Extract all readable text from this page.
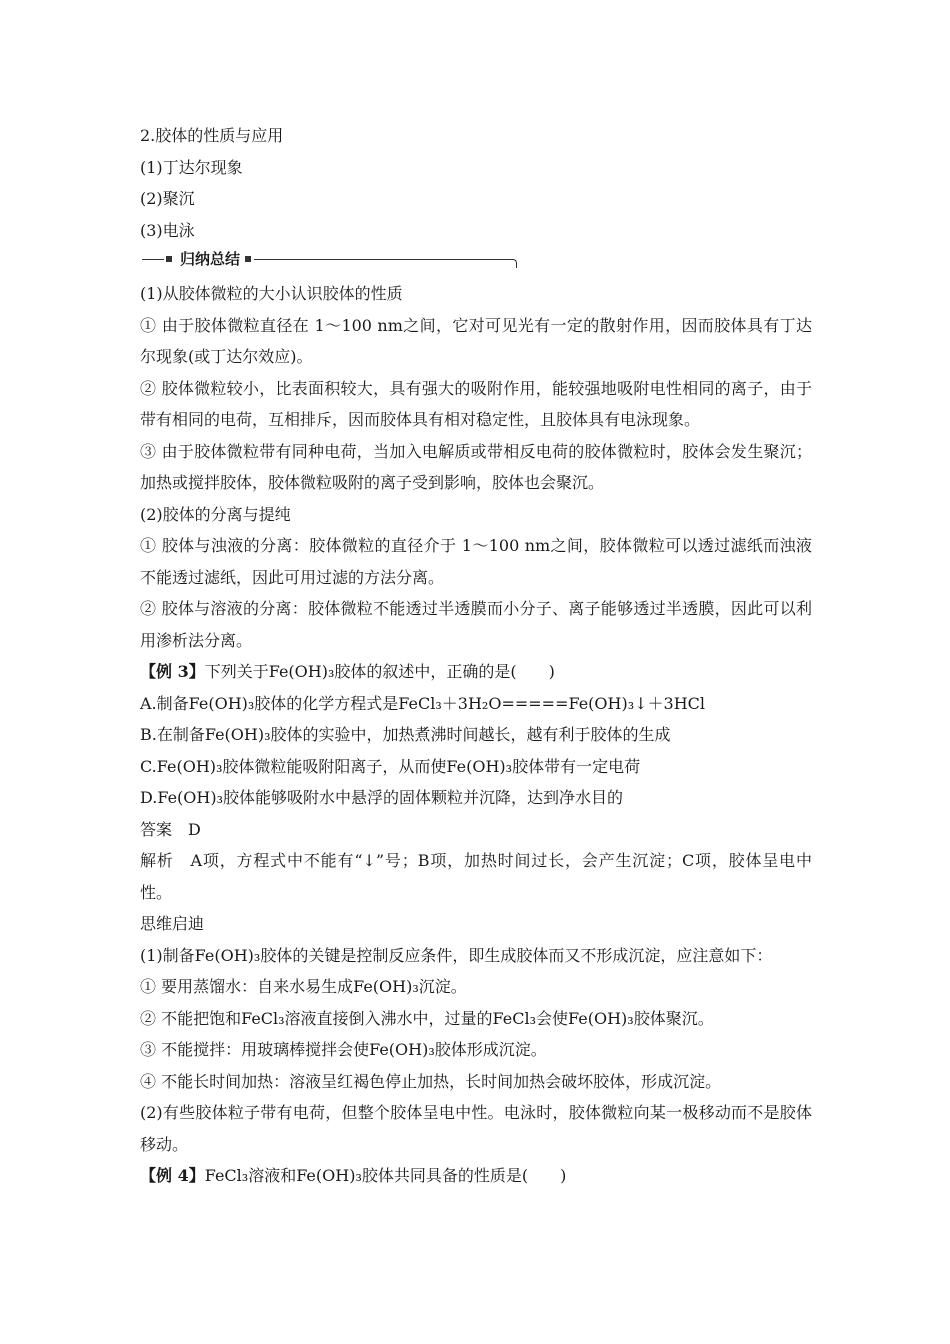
2.胶体的性质与应用
(1)丁达尔现象
(2)聚沉
(3)电泳
归纳总结
(1)从胶体微粒的大小认识胶体的性质
① 由于胶体微粒直径在 1～100 nm之间，它对可见光有一定的散射作用，因而胶体具有丁达尔现象(或丁达尔效应)。
② 胶体微粒较小，比表面积较大，具有强大的吸附作用，能较强地吸附电性相同的离子，由于带有相同的电荷，互相排斥，因而胶体具有相对稳定性，且胶体具有电泳现象。
③ 由于胶体微粒带有同种电荷，当加入电解质或带相反电荷的胶体微粒时，胶体会发生聚沉；加热或搅拌胶体，胶体微粒吸附的离子受到影响，胶体也会聚沉。
(2)胶体的分离与提纯
① 胶体与浊液的分离：胶体微粒的直径介于 1～100 nm之间，胶体微粒可以透过滤纸而浊液不能透过滤纸，因此可用过滤的方法分离。
② 胶体与溶液的分离：胶体微粒不能透过半透膜而小分子、离子能够透过半透膜，因此可以利用渗析法分离。
【例 3】下列关于Fe(OH)₃胶体的叙述中，正确的是(　　)
A.制备Fe(OH)₃胶体的化学方程式是FeCl₃＋3H₂O=====Fe(OH)₃↓＋3HCl
B.在制备Fe(OH)₃胶体的实验中，加热煮沸时间越长，越有利于胶体的生成
C.Fe(OH)₃胶体微粒能吸附阳离子，从而使Fe(OH)₃胶体带有一定电荷
D.Fe(OH)₃胶体能够吸附水中悬浮的固体颗粒并沉降，达到净水目的
答案　D
解析　A项，方程式中不能有“↓”号；B项，加热时间过长，会产生沉淀；C项，胶体呈电中性。
思维启迪
(1)制备Fe(OH)₃胶体的关键是控制反应条件，即生成胶体而又不形成沉淀，应注意如下：
① 要用蒸馏水：自来水易生成Fe(OH)₃沉淀。
② 不能把饱和FeCl₃溶液直接倒入沸水中，过量的FeCl₃会使Fe(OH)₃胶体聚沉。
③ 不能搅拌：用玻璃棒搅拌会使Fe(OH)₃胶体形成沉淀。
④ 不能长时间加热：溶液呈红褐色停止加热，长时间加热会破坏胶体，形成沉淀。
(2)有些胶体粒子带有电荷，但整个胶体呈电中性。电泳时，胶体微粒向某一极移动而不是胶体移动。
【例 4】FeCl₃溶液和Fe(OH)₃胶体共同具备的性质是(　　)
